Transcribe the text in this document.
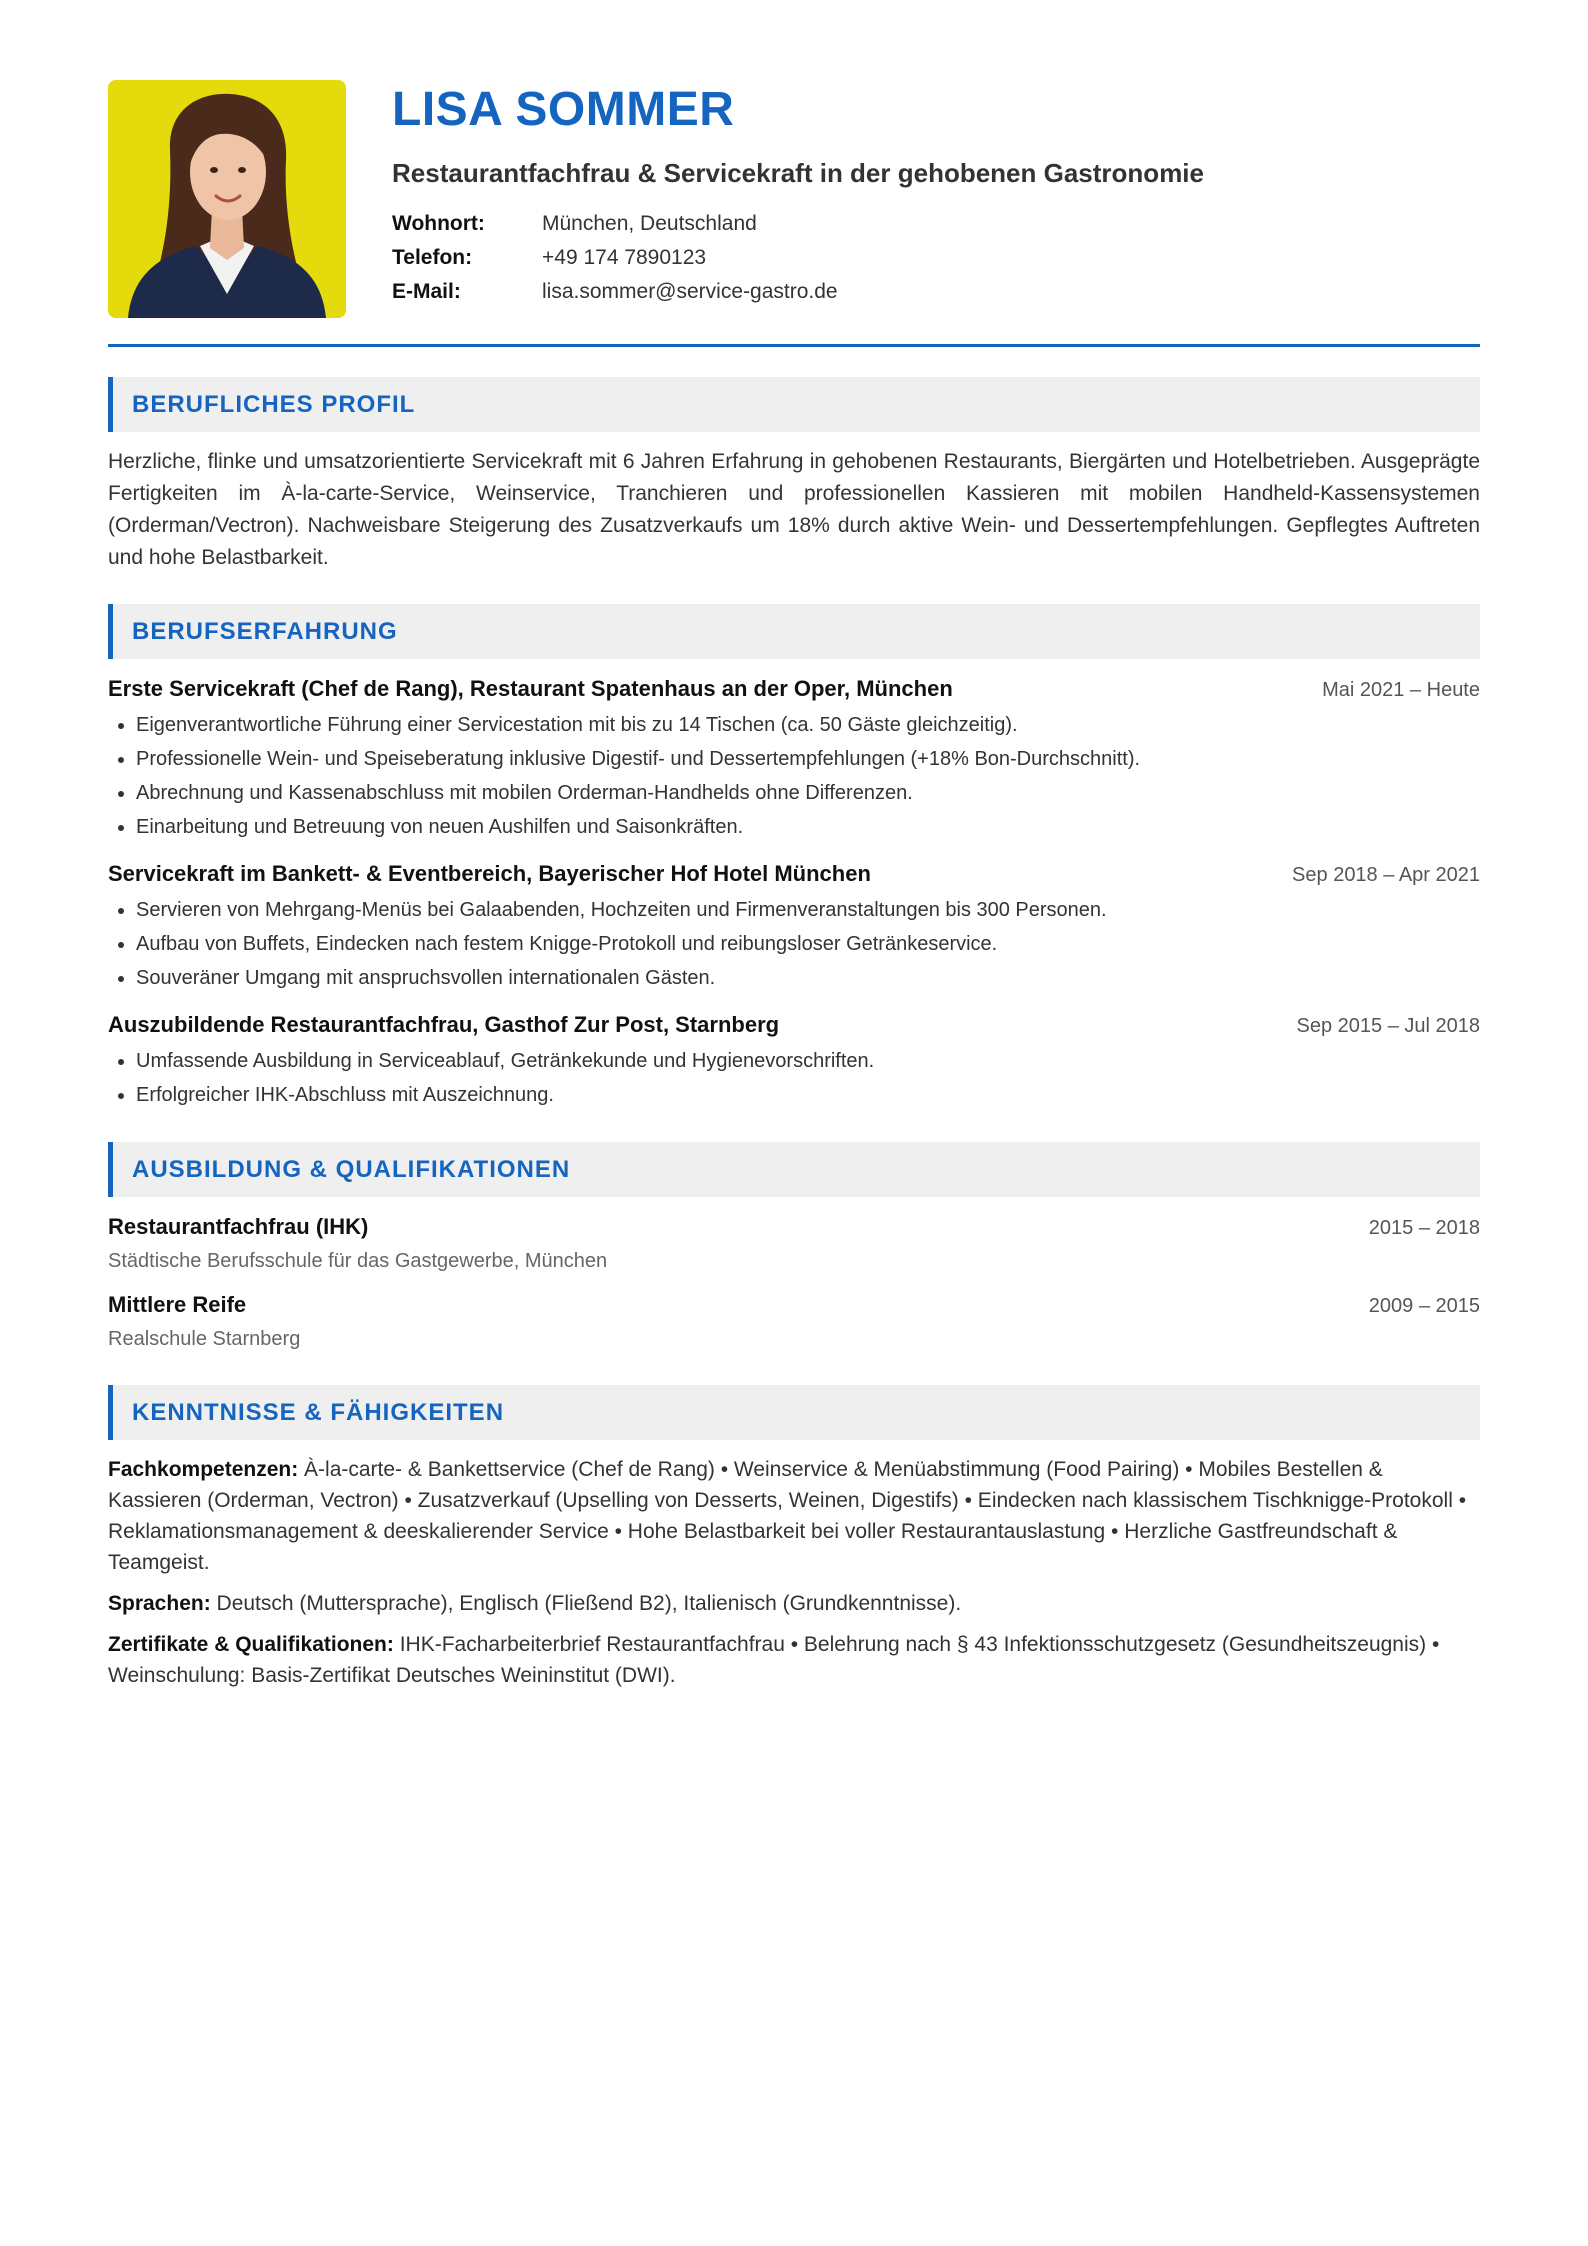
LISA SOMMER
Restaurantfachfrau & Servicekraft in der gehobenen Gastronomie
Wohnort:	München, Deutschland
Telefon:	+49 174 7890123
E-Mail:	lisa.sommer@service-gastro.de
BERUFLICHES PROFIL

Herzliche, flinke und umsatzorientierte Servicekraft mit 6 Jahren Erfahrung in gehobenen Restaurants, Biergärten und Hotelbetrieben. Ausgeprägte Fertigkeiten im À-la-carte-Service, Weinservice, Tranchieren und professionellen Kassieren mit mobilen Handheld-Kassensystemen (Orderman/Vectron). Nachweisbare Steigerung des Zusatzverkaufs um 18% durch aktive Wein- und Dessertempfehlungen. Gepflegtes Auftreten und hohe Belastbarkeit.

BERUFSERFAHRUNG
Erste Servicekraft (Chef de Rang), Restaurant Spatenhaus an der Oper, München	Mai 2021 – Heute
• Eigenverantwortliche Führung einer Servicestation mit bis zu 14 Tischen (ca. 50 Gäste gleichzeitig).
• Professionelle Wein- und Speiseberatung inklusive Digestif- und Dessertempfehlungen (+18% Bon-Durchschnitt).
• Abrechnung und Kassenabschluss mit mobilen Orderman-Handhelds ohne Differenzen.
• Einarbeitung und Betreuung von neuen Aushilfen und Saisonkräften.
Servicekraft im Bankett- & Eventbereich, Bayerischer Hof Hotel München	Sep 2018 – Apr 2021
• Servieren von Mehrgang-Menüs bei Galaabenden, Hochzeiten und Firmenveranstaltungen bis 300 Personen.
• Aufbau von Buffets, Eindecken nach festem Knigge-Protokoll und reibungsloser Getränkeservice.
• Souveräner Umgang mit anspruchsvollen internationalen Gästen.
Auszubildende Restaurantfachfrau, Gasthof Zur Post, Starnberg	Sep 2015 – Jul 2018
• Umfassende Ausbildung in Serviceablauf, Getränkekunde und Hygienevorschriften.
• Erfolgreicher IHK-Abschluss mit Auszeichnung.
AUSBILDUNG & QUALIFIKATIONEN
Restaurantfachfrau (IHK)	2015 – 2018
Städtische Berufsschule für das Gastgewerbe, München
Mittlere Reife	2009 – 2015
Realschule Starnberg
KENNTNISSE & FÄHIGKEITEN

Fachkompetenzen: À-la-carte- & Bankettservice (Chef de Rang) • Weinservice & Menüabstimmung (Food Pairing) • Mobiles Bestellen & Kassieren (Orderman, Vectron) • Zusatzverkauf (Upselling von Desserts, Weinen, Digestifs) • Eindecken nach klassischem Tischknigge-Protokoll • Reklamationsmanagement & deeskalierender Service • Hohe Belastbarkeit bei voller Restaurantauslastung • Herzliche Gastfreundschaft & Teamgeist.

Sprachen: Deutsch (Muttersprache), Englisch (Fließend B2), Italienisch (Grundkenntnisse).

Zertifikate & Qualifikationen: IHK-Facharbeiterbrief Restaurantfachfrau • Belehrung nach § 43 Infektionsschutzgesetz (Gesundheitszeugnis) • Weinschulung: Basis-Zertifikat Deutsches Weininstitut (DWI).
